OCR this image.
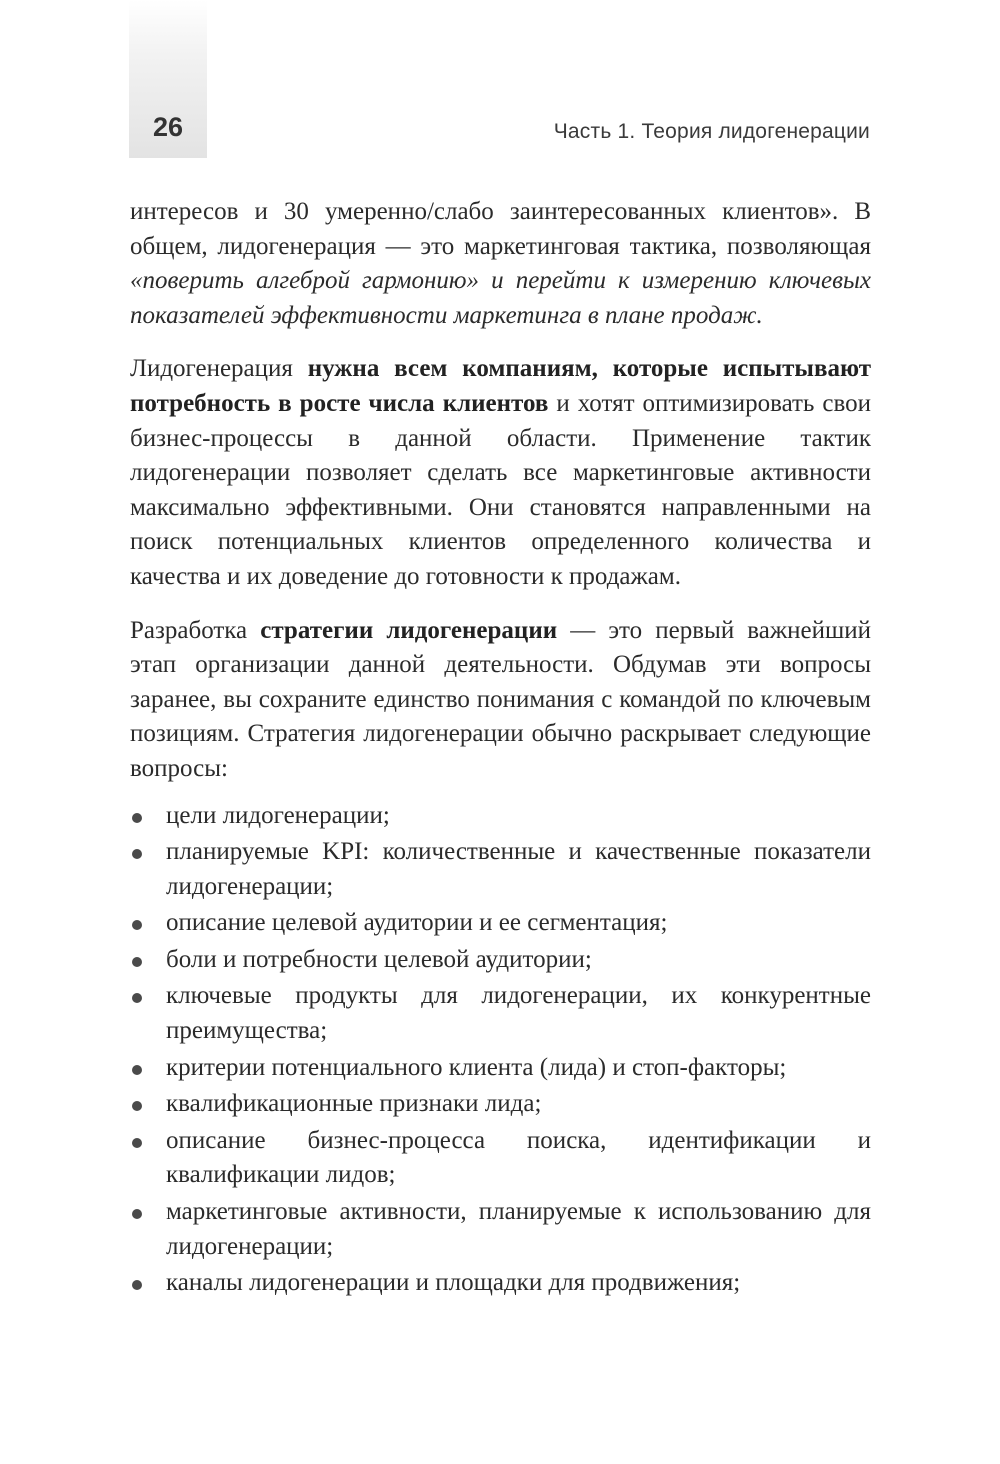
26	Часть 1. Теория лидогенерации

интересов и 30 умеренно/слабо заинтересованных клиентов». В общем, лидогенерация — это маркетинговая тактика, позволяющая «поверить алгеброй гармонию» и перейти к измерению ключевых показателей эффективности маркетинга в плане продаж.

Лидогенерация нужна всем компаниям, которые испытывают потребность в росте числа клиентов и хотят оптимизировать свои бизнес-процессы в данной области. Применение тактик лидогенерации позволяет сделать все маркетинговые активности максимально эффективными. Они становятся направленными на поиск потенциальных клиентов определенного количества и качества и их доведение до готовности к продажам.

Разработка стратегии лидогенерации — это первый важнейший этап организации данной деятельности. Обдумав эти вопросы заранее, вы сохраните единство понимания с командой по ключевым позициям. Стратегия лидогенерации обычно раскрывает следующие вопросы:

цели лидогенерации;
планируемые KPI: количественные и качественные показатели лидогенерации;
описание целевой аудитории и ее сегментация;
боли и потребности целевой аудитории;
ключевые продукты для лидогенерации, их конкурентные преимущества;
критерии потенциального клиента (лида) и стоп-факторы;
квалификационные признаки лида;
описание бизнес-процесса поиска, идентификации и квалификации лидов;
маркетинговые активности, планируемые к использованию для лидогенерации;
каналы лидогенерации и площадки для продвижения;
